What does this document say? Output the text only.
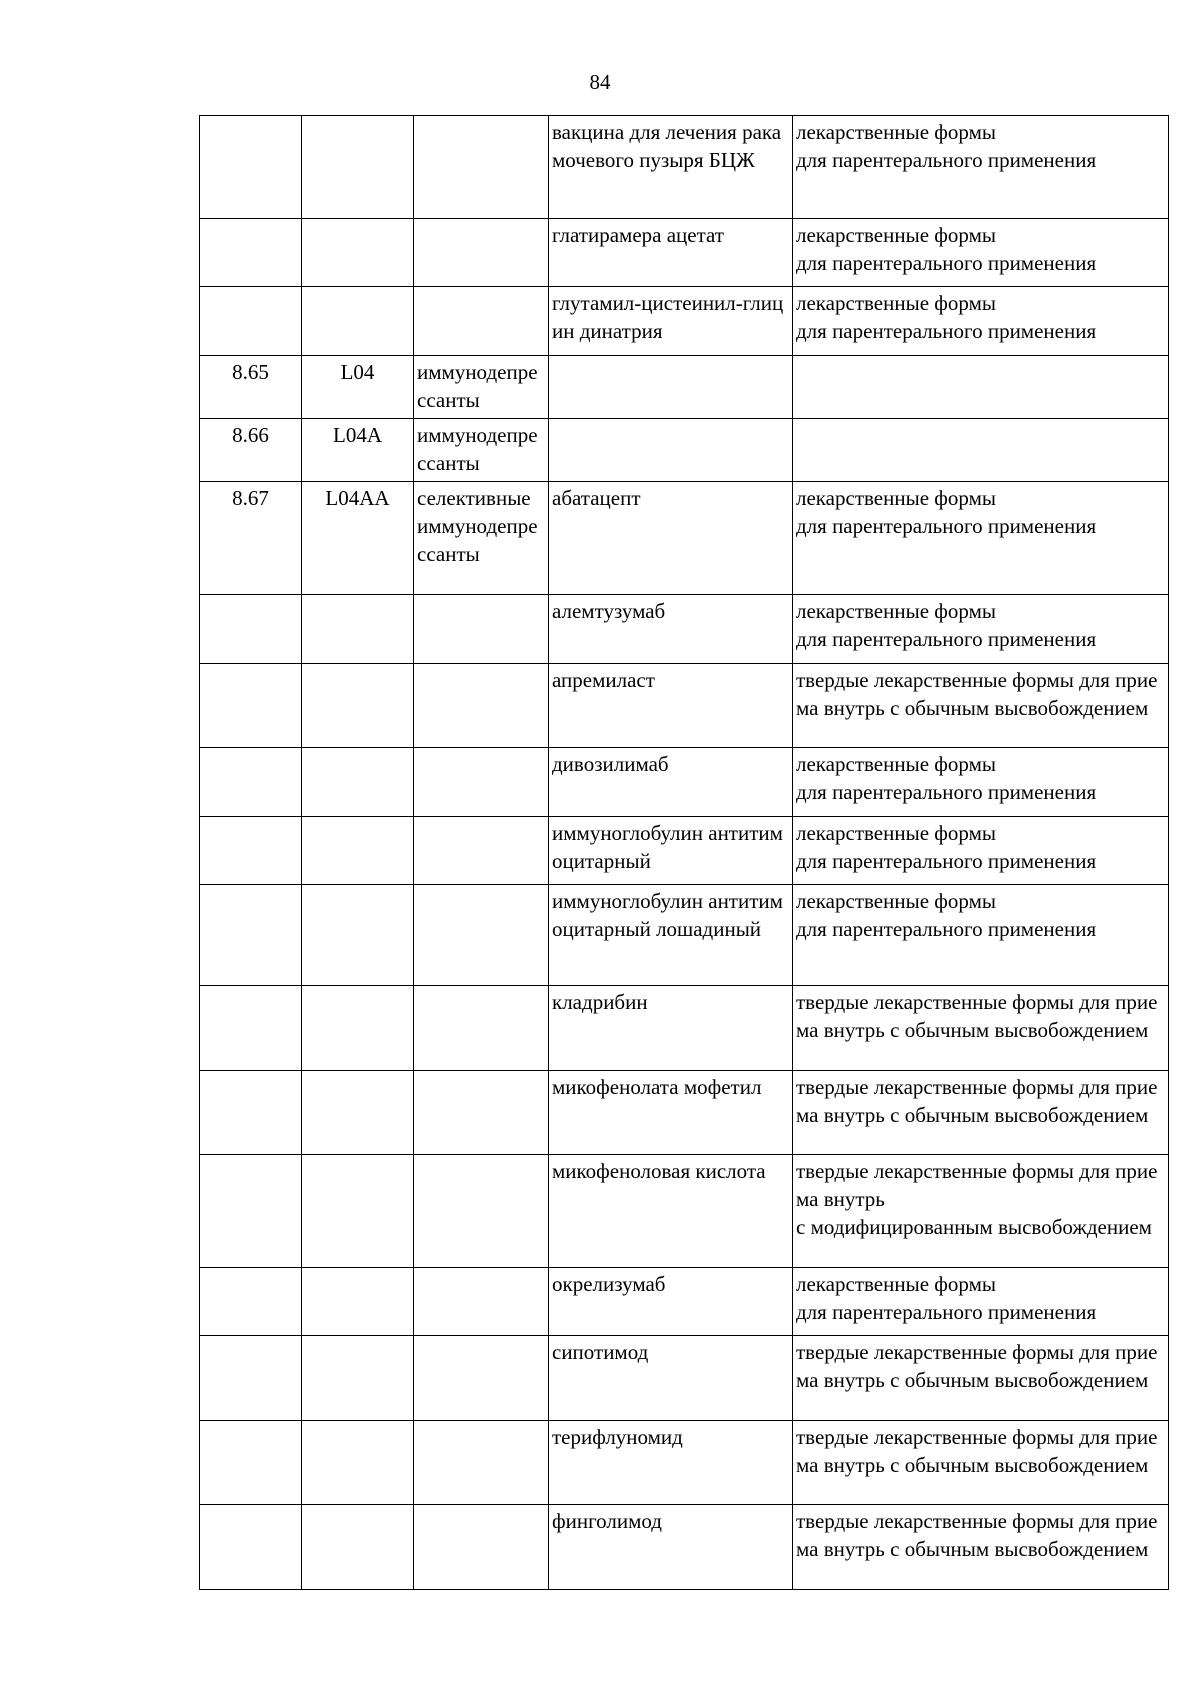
84
			вакцина для лечения рака мочевого пузыря БЦЖ	лекарственные формы
для парентерального применения
			глатирамера ацетат	лекарственные формы
для парентерального применения
			глутамил-цистеинил-глицин динатрия	лекарственные формы
для парентерального применения
8.65	L04	иммунодепрессанты		
8.66	L04A	иммунодепрессанты		
8.67	L04AA	селективные иммунодепрессанты	абатацепт	лекарственные формы
для парентерального применения
			алемтузумаб	лекарственные формы
для парентерального применения
			апремиласт	твердые лекарственные формы для приема внутрь с обычным высвобождением
			дивозилимаб	лекарственные формы
для парентерального применения
			иммуноглобулин антитимоцитарный	лекарственные формы
для парентерального применения
			иммуноглобулин антитимоцитарный лошадиный	лекарственные формы
для парентерального применения
			кладрибин	твердые лекарственные формы для приема внутрь с обычным высвобождением
			микофенолата мофетил	твердые лекарственные формы для приема внутрь с обычным высвобождением
			микофеноловая кислота	твердые лекарственные формы для приема внутрь
с модифицированным высвобождением
			окрелизумаб	лекарственные формы
для парентерального применения
			сипотимод	твердые лекарственные формы для приема внутрь с обычным высвобождением
			терифлуномид	твердые лекарственные формы для приема внутрь с обычным высвобождением
			финголимод	твердые лекарственные формы для приема внутрь с обычным высвобождением
